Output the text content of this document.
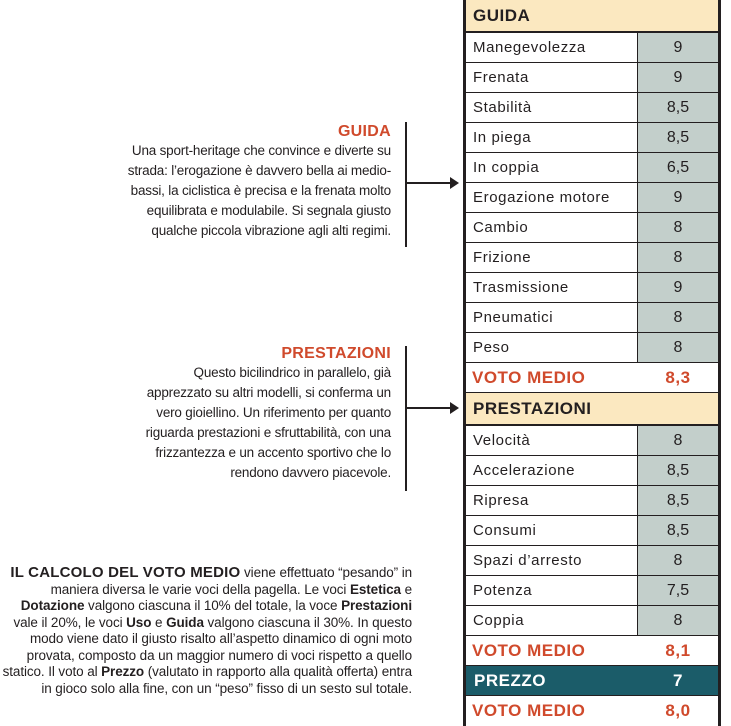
GUIDA
Una sport-heritage che convince e diverte su
strada: l’erogazione è davvero bella ai medio-
bassi, la ciclistica è precisa e la frenata molto
equilibrata e modulabile. Si segnala giusto
qualche piccola vibrazione agli alti regimi.
PRESTAZIONI
Questo bicilindrico in parallelo, già
apprezzato su altri modelli, si conferma un
vero gioiellino. Un riferimento per quanto
riguarda prestazioni e sfruttabilità, con una
frizzantezza e un accento sportivo che lo
rendono davvero piacevole.
GUIDA
Manegevolezza	9
Frenata	9
Stabilità	8,5
In piega	8,5
In coppia	6,5
Erogazione motore	9
Cambio	8
Frizione	8
Trasmissione	9
Pneumatici	8
Peso	8
VOTO MEDIO	8,3
PRESTAZIONI
Velocità	8
Accelerazione	8,5
Ripresa	8,5
Consumi	8,5
Spazi d’arresto	8
Potenza	7,5
Coppia	8
VOTO MEDIO	8,1
PREZZO	7
VOTO MEDIO	8,0
IL CALCOLO DEL VOTO MEDIO viene effettuato “pesando” in maniera diversa le varie voci della pagella. Le voci Estetica e Dotazione valgono ciascuna il 10% del totale, la voce Prestazioni vale il 20%, le voci Uso e Guida valgono ciascuna il 30%. In questo modo viene dato il giusto risalto all’aspetto dinamico di ogni moto provata, composto da un maggior numero di voci rispetto a quello statico. Il voto al Prezzo (valutato in rapporto alla qualità offerta) entra in gioco solo alla fine, con un “peso” fisso di un sesto sul totale.
